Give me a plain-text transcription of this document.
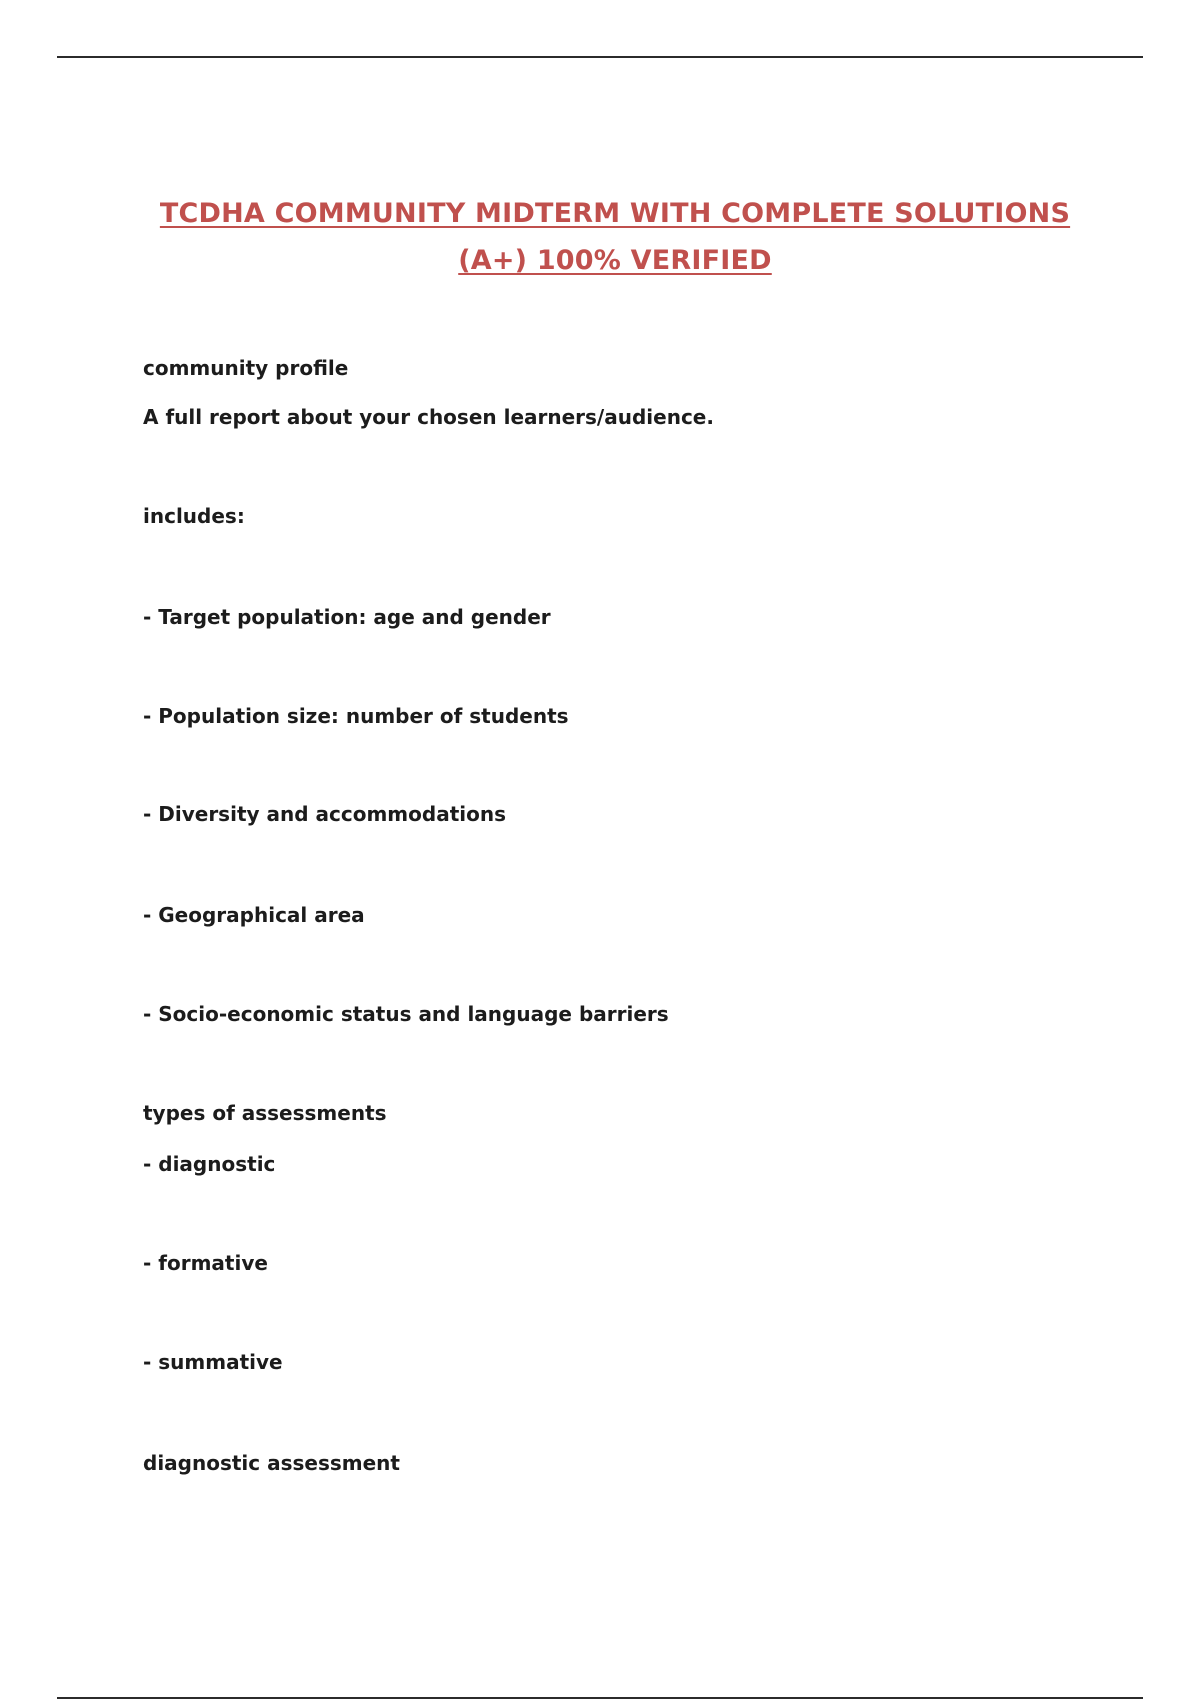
TCDHA COMMUNITY MIDTERM WITH COMPLETE SOLUTIONS
(A+) 100% VERIFIED
community profile
A full report about your chosen learners/audience.
includes:
- Target population: age and gender
- Population size: number of students
- Diversity and accommodations
- Geographical area
- Socio-economic status and language barriers
types of assessments
- diagnostic
- formative
- summative
diagnostic assessment
